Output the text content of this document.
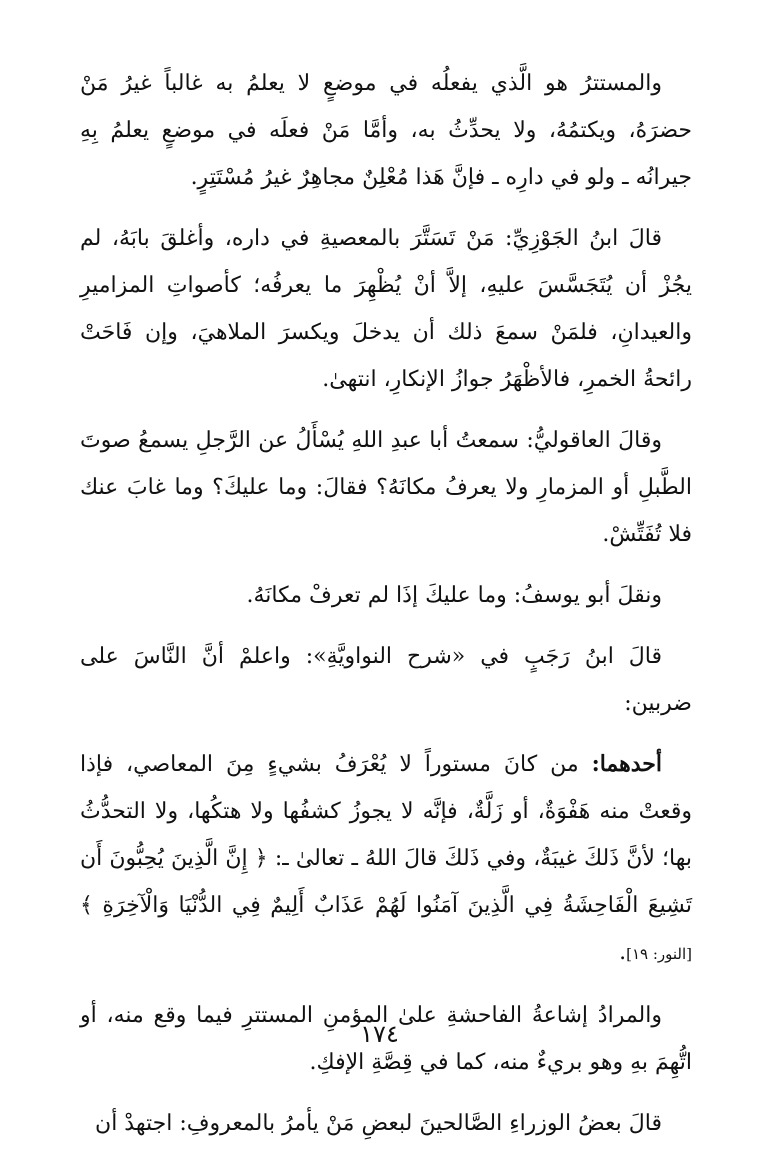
والمستترُ هو الَّذي يفعلُه في موضعٍ لا يعلمُ به غالباً غيرُ مَنْ حضرَهُ، ويكتمُهُ، ولا يحدِّثُ به، وأمَّا مَنْ فعلَه في موضعٍ يعلمُ بِهِ جيرانُه ـ ولو في دارِه ـ فإنَّ هَذا مُعْلِنٌ مجاهِرٌ غيرُ مُسْتَتِرٍ.

قالَ ابنُ الجَوْزِيِّ: مَنْ تَسَتَّرَ بالمعصيةِ في داره، وأغلقَ بابَهُ، لم يجُزْ أن يُتَجَسَّسَ عليهِ، إلاَّ أنْ يُظْهِرَ ما يعرفُه؛ كأصواتِ المزاميرِ والعيدانِ، فلمَنْ سمعَ ذلك أن يدخلَ ويكسرَ الملاهيَ، وإن فَاحَتْ رائحةُ الخمرِ، فالأظْهَرُ جوازُ الإنكارِ، انتهىٰ.

وقالَ العاقوليُّ: سمعتُ أبا عبدِ اللهِ يُسْأَلُ عن الرَّجلِ يسمعُ صوتَ الطَّبلِ أو المزمارِ ولا يعرفُ مكانَهُ؟ فقالَ: وما عليكَ؟ وما غابَ عنك فلا تُفَتِّشْ.

ونقلَ أبو يوسفُ: وما عليكَ إذَا لم تعرفْ مكانَهُ.

قالَ ابنُ رَجَبٍ في «شرح النواويَّةِ»: واعلمْ أنَّ النَّاسَ على ضربين:

أحدهما: من كانَ مستوراً لا يُعْرَفُ بشيءٍ مِنَ المعاصي، فإذا وقعتْ منه هَفْوَةٌ، أو زَلَّةٌ، فإنَّه لا يجوزُ كشفُها ولا هتكُها، ولا التحدُّثُ بها؛ لأنَّ ذَلكَ غيبَةٌ، وفي ذَلكَ قالَ اللهُ ـ تعالىٰ ـ: ﴿ إِنَّ الَّذِينَ يُحِبُّونَ أَن تَشِيعَ الْفَاحِشَةُ فِي الَّذِينَ آمَنُوا لَهُمْ عَذَابٌ أَلِيمٌ فِي الدُّنْيَا وَالْآخِرَةِ ﴾ [النور: ١٩].

والمرادُ إشاعةُ الفاحشةِ علىٰ المؤمنِ المستترِ فيما وقع منه، أو اتُّهِمَ بهِ وهو بريءٌ منه، كما في قِصَّةِ الإفكِ.

قالَ بعضُ الوزراءِ الصَّالحينَ لبعضِ مَنْ يأمرُ بالمعروفِ: اجتهدْ أن

١٧٤
